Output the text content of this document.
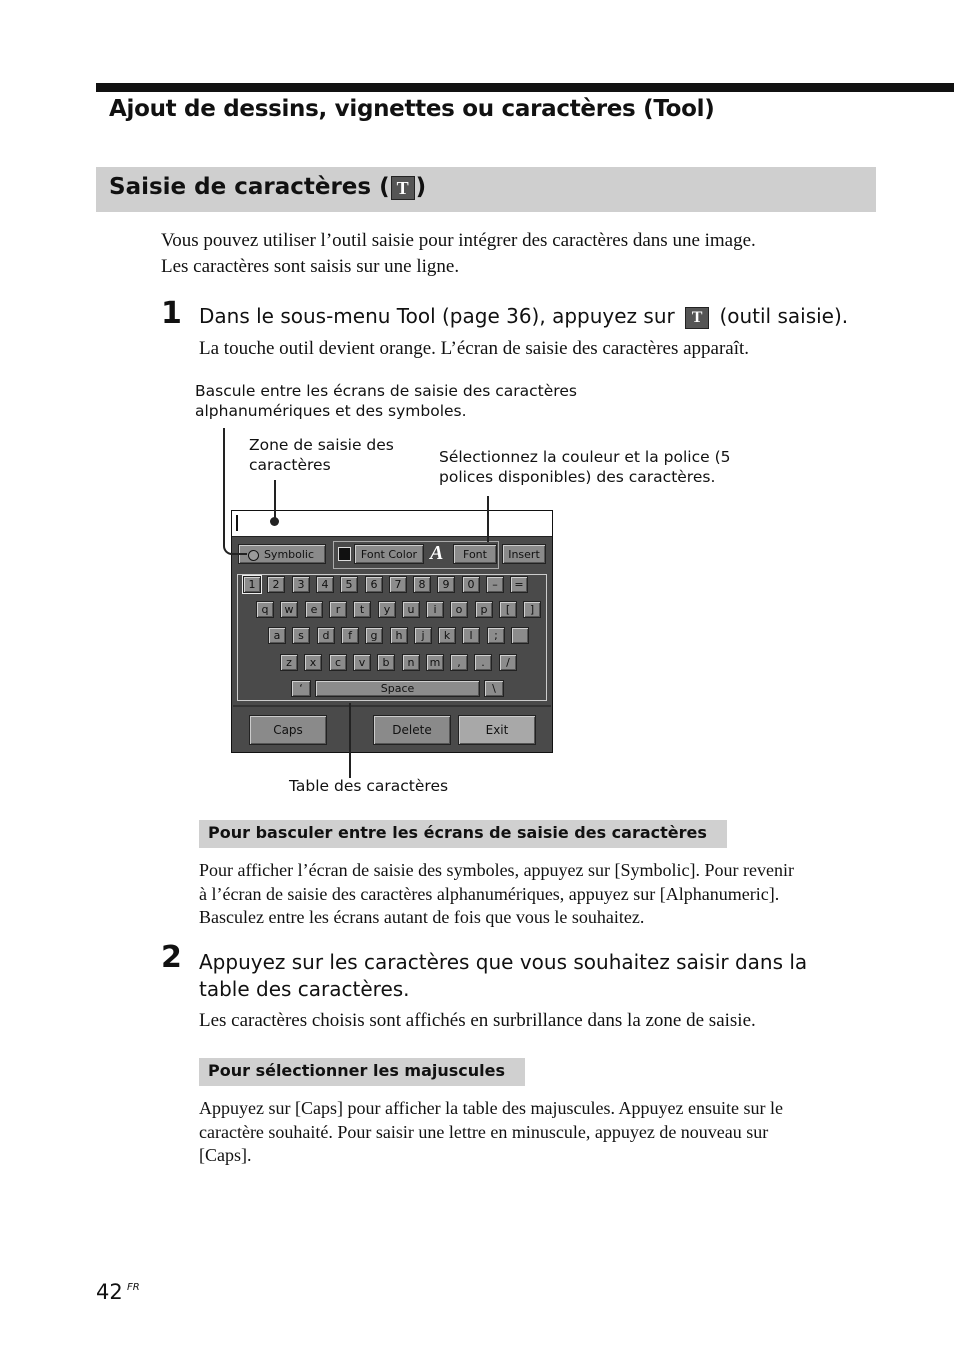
Ajout de dessins, vignettes ou caractères (Tool)
Saisie de caractères ( T )
Vous pouvez utiliser l’outil saisie pour intégrer des caractères dans une image.
Les caractères sont saisis sur une ligne.
1 Dans le sous-menu Tool (page 36), appuyez sur T (outil saisie).
La touche outil devient orange. L’écran de saisie des caractères apparaît.
Bascule entre les écrans de saisie des caractères
alphanumériques et des symboles.
Zone de saisie des
caractères	Sélectionnez la couleur et la police (5
polices disponibles) des caractères.
Symbolic	Font Color A	Font	Insert
1	2	3	4	5	6	7	8	9	0	–	=
q	w	e	r	t	y	u	i	o	p	[	]
a	s	d	f	g	h	j	k	l	;
z	x	c	v	b	n	m	,	.	/
‘	Space	\
Caps	Delete	Exit
Table des caractères
Pour basculer entre les écrans de saisie des caractères
Pour afficher l’écran de saisie des symboles, appuyez sur [Symbolic]. Pour revenir
à l’écran de saisie des caractères alphanumériques, appuyez sur [Alphanumeric].
Basculez entre les écrans autant de fois que vous le souhaitez.
2 Appuyez sur les caractères que vous souhaitez saisir dans la
table des caractères.
Les caractères choisis sont affichés en surbrillance dans la zone de saisie.
Pour sélectionner les majuscules
Appuyez sur [Caps] pour afficher la table des majuscules. Appuyez ensuite sur le
caractère souhaité. Pour saisir une lettre en minuscule, appuyez de nouveau sur
[Caps].
42 FR
